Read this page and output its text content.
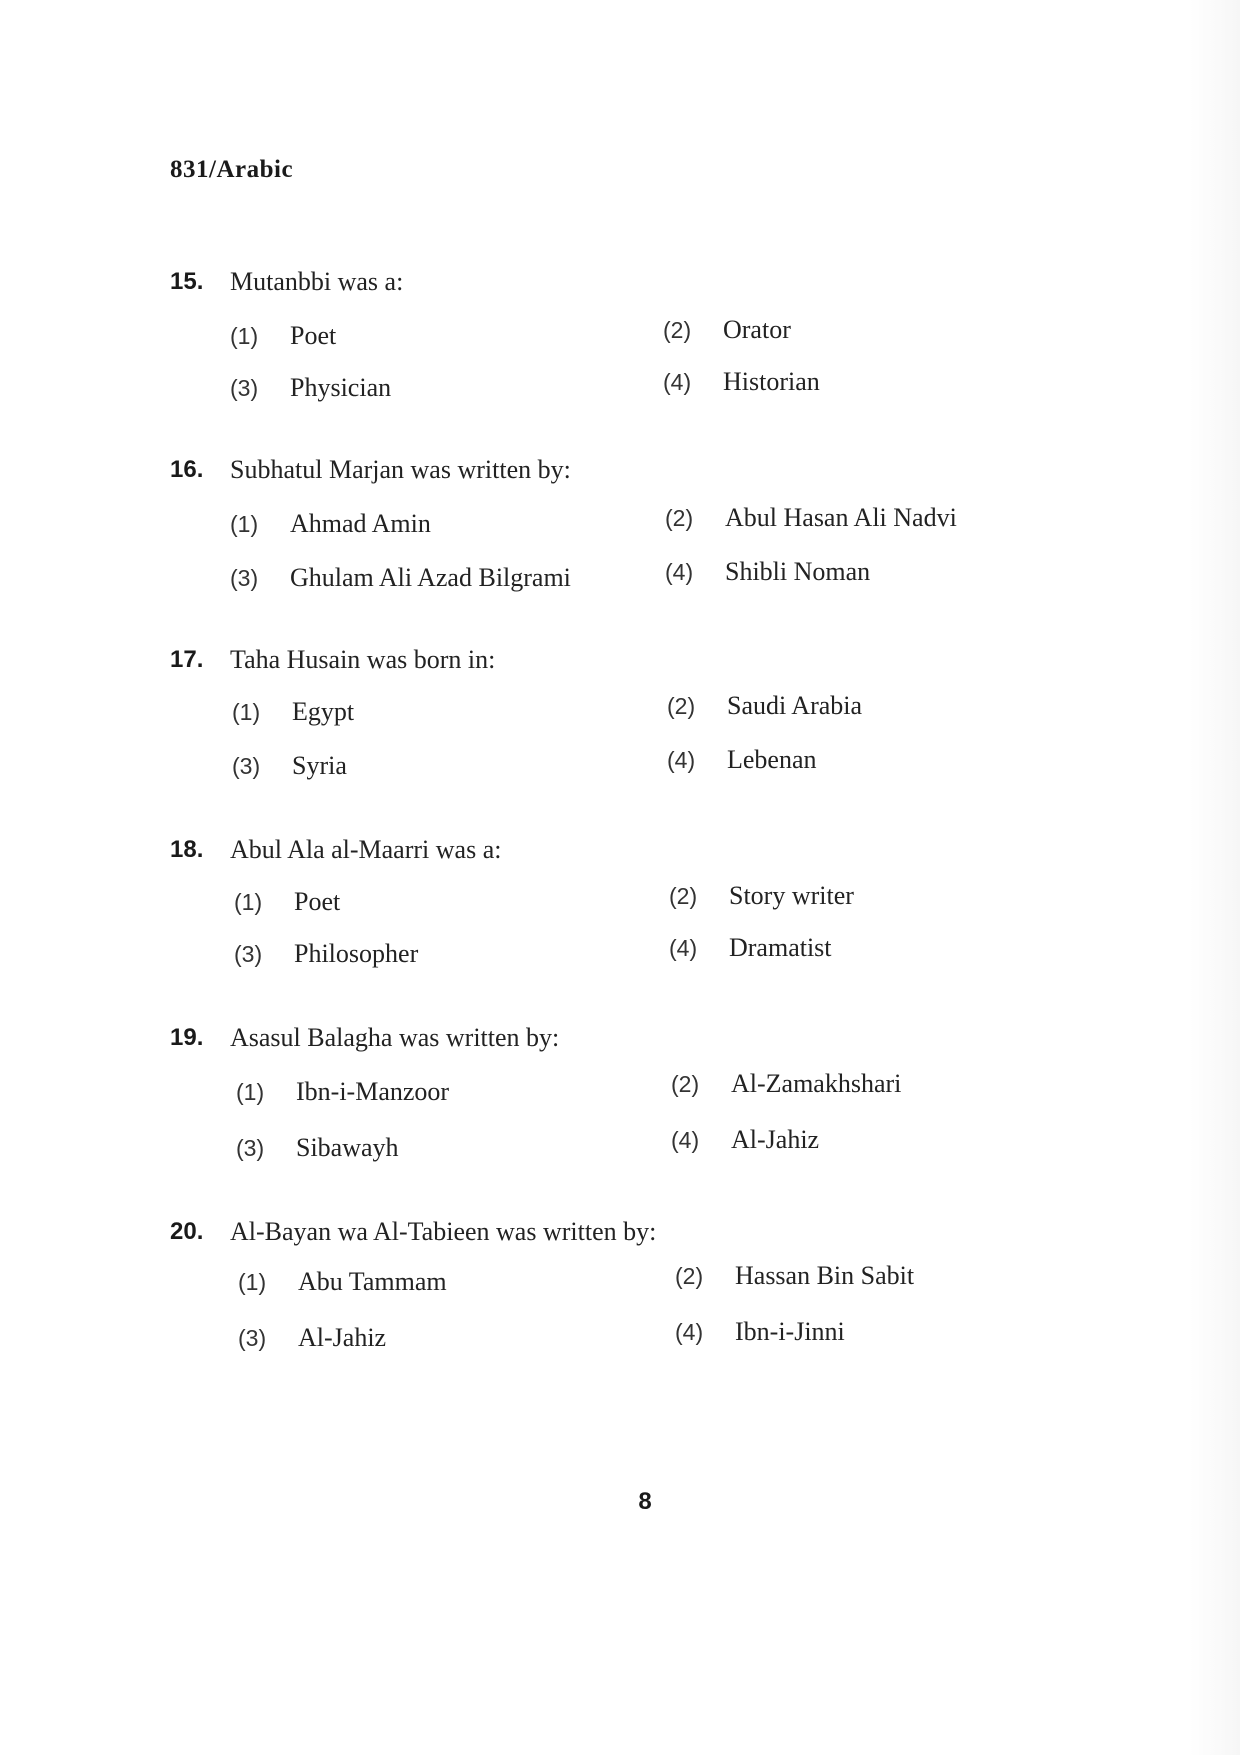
831/Arabic
15. Mutanbbi was a:
(1) Poet	(2) Orator
(3) Physician	(4) Historian
16. Subhatul Marjan was written by:
(1) Ahmad Amin	(2) Abul Hasan Ali Nadvi
(3) Ghulam Ali Azad Bilgrami	(4) Shibli Noman
17. Taha Husain was born in:
(1) Egypt	(2) Saudi Arabia
(3) Syria	(4) Lebenan
18. Abul Ala al-Maarri was a:
(1) Poet	(2) Story writer
(3) Philosopher	(4) Dramatist
19. Asasul Balagha was written by:
(1) Ibn-i-Manzoor	(2) Al-Zamakhshari
(3) Sibawayh	(4) Al-Jahiz
20. Al-Bayan wa Al-Tabieen was written by:
(1) Abu Tammam	(2) Hassan Bin Sabit
(3) Al-Jahiz	(4) Ibn-i-Jinni
8
